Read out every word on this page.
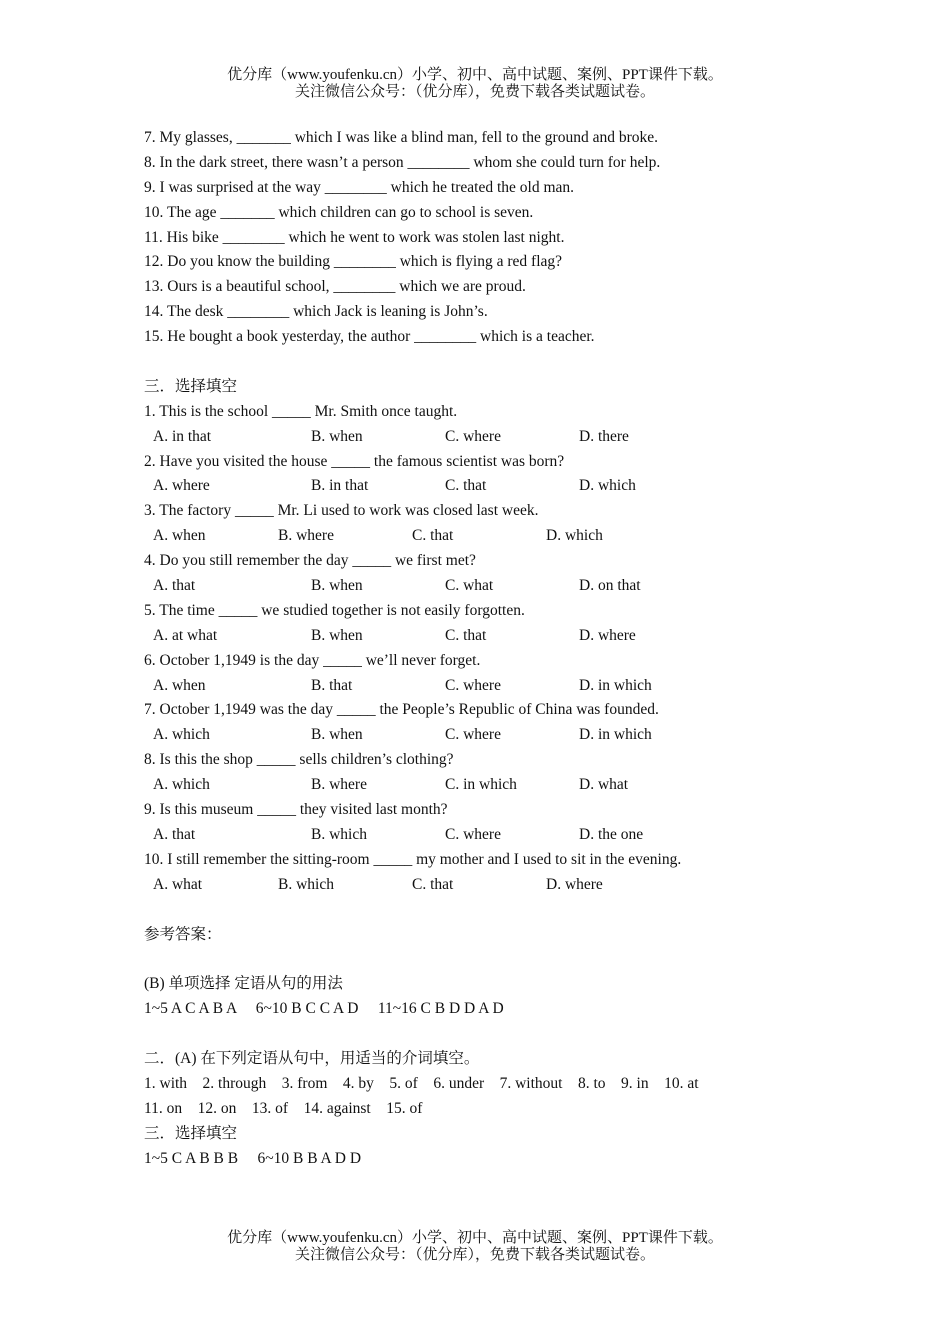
优分库（www.youfenku.cn）小学、初中、高中试题、案例、PPT课件下载。
关注微信公众号：（优分库），免费下载各类试题试卷。
7. My glasses, _______ which I was like a blind man, fell to the ground and broke.
8. In the dark street, there wasn’t a person ________ whom she could turn for help.
9. I was surprised at the way ________ which he treated the old man.
10. The age _______ which children can go to school is seven.
11. His bike ________ which he went to work was stolen last night.
12. Do you know the building ________ which is flying a red flag?
13. Ours is a beautiful school, ________ which we are proud.
14. The desk ________ which Jack is leaning is John’s.
15. He bought a book yesterday, the author ________ which is a teacher.
三．选择填空
1. This is the school _____ Mr. Smith once taught.
A. in that	B. when	C. where	D. there
2. Have you visited the house _____ the famous scientist was born?
A. where	B. in that	C. that	D. which
3. The factory _____ Mr. Li used to work was closed last week.
A. when	B. where	C. that	D. which
4. Do you still remember the day _____ we first met?
A. that	B. when	C. what	D. on that
5. The time _____ we studied together is not easily forgotten.
A. at what	B. when	C. that	D. where
6. October 1,1949 is the day _____ we’ll never forget.
A. when	B. that	C. where	D. in which
7. October 1,1949 was the day _____ the People’s Republic of China was founded.
A. which	B. when	C. where	D. in which
8. Is this the shop _____ sells children’s clothing?
A. which	B. where	C. in which	D. what
9. Is this museum _____ they visited last month?
A. that	B. which	C. where	D. the one
10. I still remember the sitting-room _____ my mother and I used to sit in the evening.
A. what	B. which	C. that	D. where
参考答案：
(B) 单项选择 定语从句的用法
1~5 A C A B A     6~10 B C C A D     11~16 C B D D A D
二．(A) 在下列定语从句中，用适当的介词填空。
1. with    2. through    3. from    4. by    5. of    6. under    7. without    8. to    9. in    10. at
11. on    12. on    13. of    14. against    15. of
三．选择填空
1~5 C A B B B     6~10 B B A D D
优分库（www.youfenku.cn）小学、初中、高中试题、案例、PPT课件下载。
关注微信公众号：（优分库），免费下载各类试题试卷。
